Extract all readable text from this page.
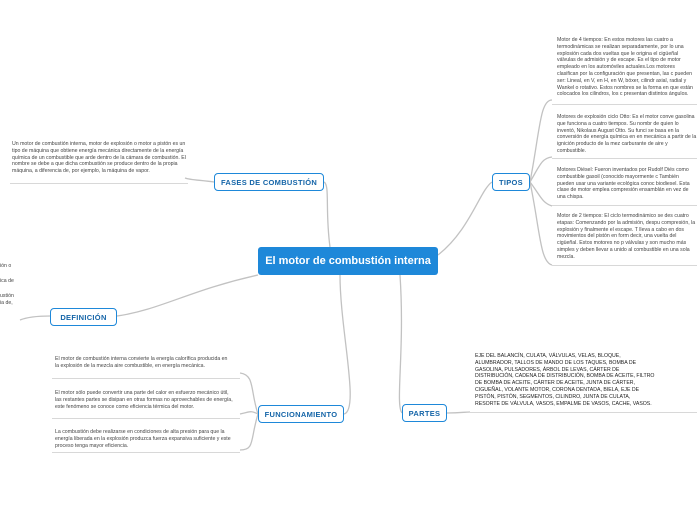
El motor de combustión interna
FASES DE COMBUSTIÓN
Un motor de combustión interna, motor de explosión o motor a pistón es un tipo de máquina que obtiene energía mecánica directamente de la energía química de un combustible que arde dentro de la cámara de combustión. El nombre se debe a que dicha combustión se produce dentro de la propia máquina, a diferencia de, por ejemplo, la máquina de vapor.
DEFINICIÓN
ión o
ica de
ustión
ia de,
FUNCIONAMIENTO
El motor de combustión interna convierte la energía calorífica producida en la explosión de la mezcla aire combustible, en energía mecánica.
El motor sólo puede convertir una parte del calor en esfuerzo mecánico útil, las restantes partes se disipan en otras formas no aprovechables de energía, este fenómeno se conoce como eficiencia térmica del motor.
La combustión debe realizarse en condiciones de alta presión para que la energía liberada en la explosión produzca fuerza expansiva suficiente y este proceso tenga mayor eficiencia.
TIPOS
Motor de 4 tiempos: En estos motores las cuatro a termodinámicas se realizan separadamente, por lo una explosión cada dos vueltas que le origina el cigüeñal válvulas de admisión y de escape. Es el tipo de motor empleado en los automóviles actuales.Los motores clasifican por la configuración que presentan, las c pueden ser: Lineal, en V, en H, en W, bóxer, cilindr axial, radial y Wankel o rotativo. Estos nombres se la forma en que están colocados los cilindros, los c presentan distintos ángulos.
Motores de explosión ciclo Otto: Es el motor conve gasolina que funciona a cuatro tiempos. Su nombr de quien lo inventó, Nikolaus August Otto. Su funci se basa en la conversión de energía química en en mecánica a partir de la ignición producto de la mez carburante de aire y combustible.
Motores Diésel: Fueron inventados por Rudolf Diés como combustible gasoil (conocido mayormente c También pueden usar una variante ecológica conoc biodiesel. Esta clase de motor emplea compresión ensamblán en vez de una chispa.
Motor de 2 tiempos: El ciclo termodinámico se des cuatro etapas: Comenzando por la admisión, despu compresión, la explosión y finalmente el escape. T lleva a cabo en dos movimientos del pistón en form decir, una vuelta del cigüeñal. Estos motores no p válvulas y son mucho más simples y deben llevar a unido al combustible en una sola mezcla.
PARTES
EJE DEL BALANCÍN, CULATA, VÁLVULAS, VELAS, BLOQUE, ALUMBRADOR, TALLOS DE MANDO DE LOS TAQUES, BOMBA DE GASOLINA, PULSADORES, ÁRBOL DE LEVAS, CÁRTER DE DISTRIBUCIÓN, CADENA DE DISTRIBUCIÓN, BOMBA DE ACEITE, FILTRO DE BOMBA DE ACEITE, CÁRTER DE ACEITE, JUNTA DE CÁRTER, CIGUEÑAL, VOLANTE MOTOR, CORONA DENTADA, BIELA, EJE DE PISTÓN, PISTÓN, SEGMENTOS, CILINDRO, JUNTA DE CULATA, RESORTE DE VÁLVULA, VASOS, EMPALME DE VASOS, CACHE, VASOS.
